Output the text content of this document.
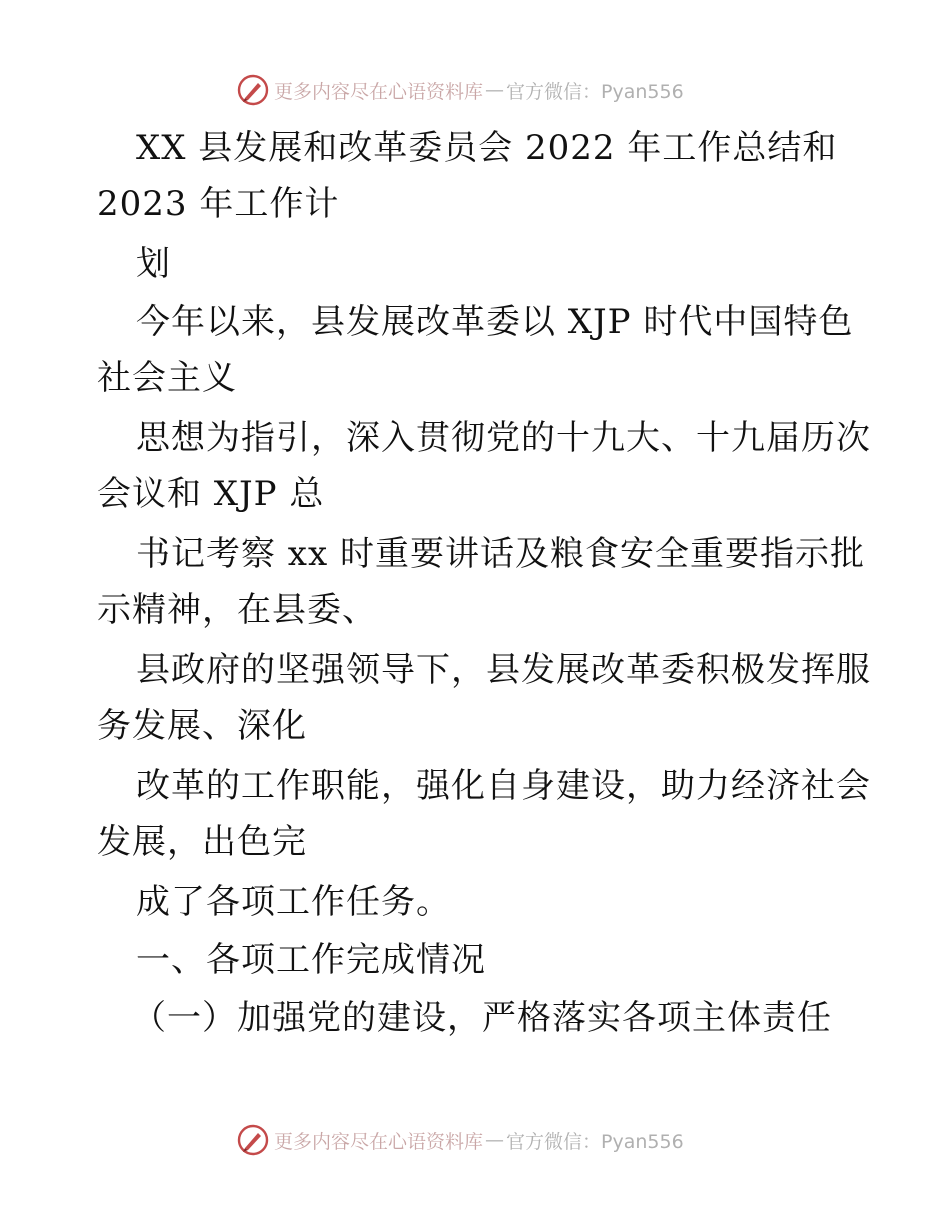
更多内容尽在心语资料库 — 官方微信：Pyan556
XX 县发展和改革委员会 2022 年工作总结和
2023 年工作计
划
今年以来，县发展改革委以 XJP 时代中国特色
社会主义
思想为指引，深入贯彻党的十九大、十九届历次
会议和 XJP 总
书记考察 xx 时重要讲话及粮食安全重要指示批
示精神，在县委、
县政府的坚强领导下，县发展改革委积极发挥服
务发展、深化
改革的工作职能，强化自身建设，助力经济社会
发展，出色完
成了各项工作任务。
一、各项工作完成情况
（一）加强党的建设，严格落实各项主体责任
更多内容尽在心语资料库 — 官方微信：Pyan556
